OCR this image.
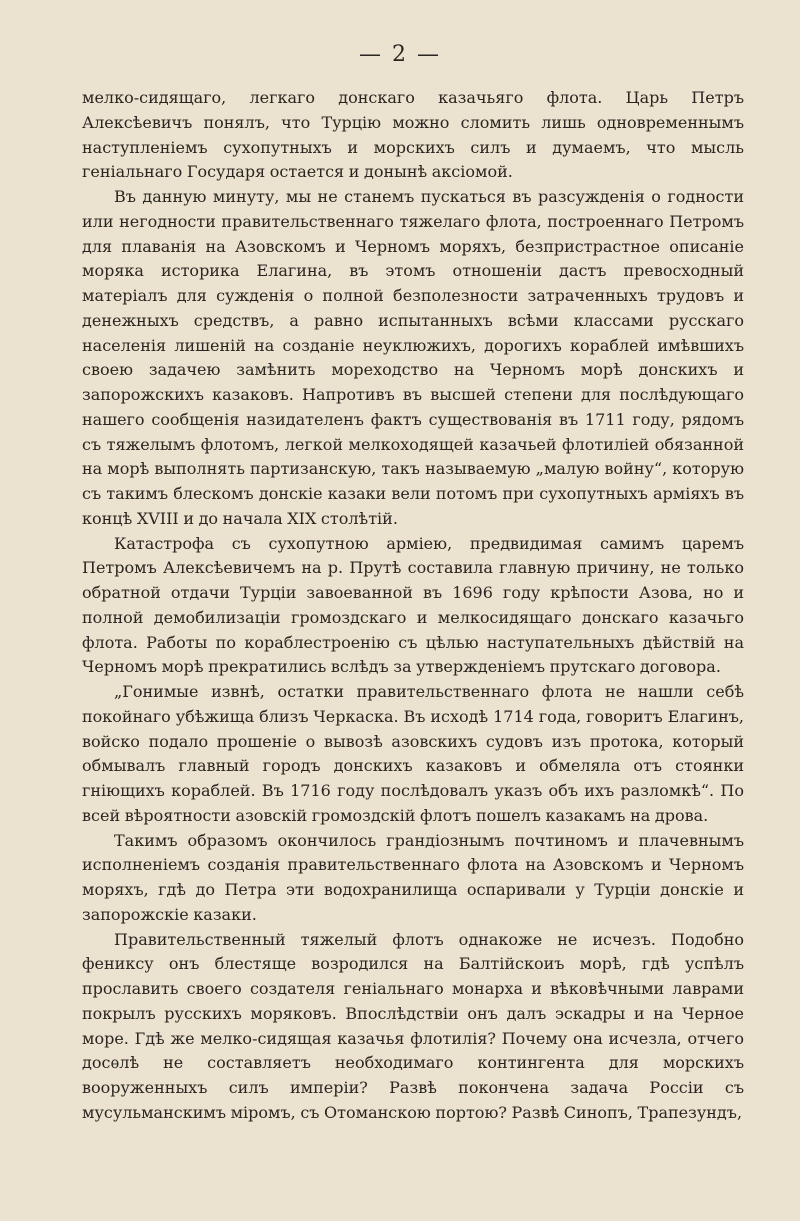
— 2 —

мелко-сидящаго, легкаго донскаго казачьяго флота. Царь Петръ Алексѣевичъ понялъ, что Турцію можно сломить лишь одновременнымъ наступленіемъ сухопутныхъ и морскихъ силъ и думаемъ, что мысль геніальнаго Государя остается и донынѣ аксіомой.

Въ данную минуту, мы не станемъ пускаться въ разсужденія о годности или негодности правительственнаго тяжелаго флота, построеннаго Петромъ для плаванія на Азовскомъ и Черномъ моряхъ, безпристрастное описаніе моряка историка Елагина, въ этомъ отношеніи дастъ превосходный матеріалъ для сужденія о полной безполезности затраченныхъ трудовъ и денежныхъ средствъ, а равно испытанныхъ всѣми классами русскаго населенія лишеній на созданіе неуклюжихъ, дорогихъ кораблей имѣвшихъ своею задачею замѣнить мореходство на Черномъ морѣ донскихъ и запорожскихъ казаковъ. Напротивъ въ высшей степени для послѣдующаго нашего сообщенія назидателенъ фактъ существованія въ 1711 году, рядомъ съ тяжелымъ флотомъ, легкой мелкоходящей казачьей флотиліей обязанной на морѣ выполнять партизанскую, такъ называемую „малую войну“, которую съ такимъ блескомъ донскіе казаки вели потомъ при сухопутныхъ арміяхъ въ концѣ XVIII и до начала XIX столѣтій.

Катастрофа съ сухопутною арміею, предвидимая самимъ царемъ Петромъ Алексѣевичемъ на р. Прутѣ составила главную причину, не только обратной отдачи Турціи завоеванной въ 1696 году крѣпости Азова, но и полной демобилизаціи громоздскаго и мелкосидящаго донскаго казачьго флота. Работы по кораблестроенію съ цѣлью наступательныхъ дѣйствій на Черномъ морѣ прекратились вслѣдъ за утвержденіемъ прутскаго договора.

„Гонимые извнѣ, остатки правительственнаго флота не нашли себѣ покойнаго убѣжища близъ Черкаска. Въ исходѣ 1714 года, говоритъ Елагинъ, войско подало прошеніе о вывозѣ азовскихъ судовъ изъ протока, который обмывалъ главный городъ донскихъ казаковъ и обмеляла отъ стоянки гніющихъ кораблей. Въ 1716 году послѣдовалъ указъ объ ихъ разломкѣ“. По всей вѣроятности азовскій громоздскій флотъ пошелъ казакамъ на дрова.

Такимъ образомъ окончилось грандіознымъ почтиномъ и плачевнымъ исполненіемъ созданія правительственнаго флота на Азовскомъ и Черномъ моряхъ, гдѣ до Петра эти водохранилища оспаривали у Турціи донскіе и запорожскіе казаки.

Правительственный тяжелый флотъ однакоже не исчезъ. Подобно фениксу онъ блестяще возродился на Балтійскоиъ морѣ, гдѣ успѣлъ прославить своего создателя геніальнаго монарха и вѣковѣчными лаврами покрылъ русскихъ моряковъ. Впослѣдствіи онъ далъ эскадры и на Черное море. Гдѣ же мелко-сидящая казачья флотилія? Почему она исчезла, отчего досѳлѣ не составляетъ необходимаго контингента для морскихъ вооруженныхъ силъ имперіи? Развѣ покончена задача Россіи съ мусульманскимъ міромъ, съ Отоманскою портою? Развѣ Синопъ, Трапезундъ,
